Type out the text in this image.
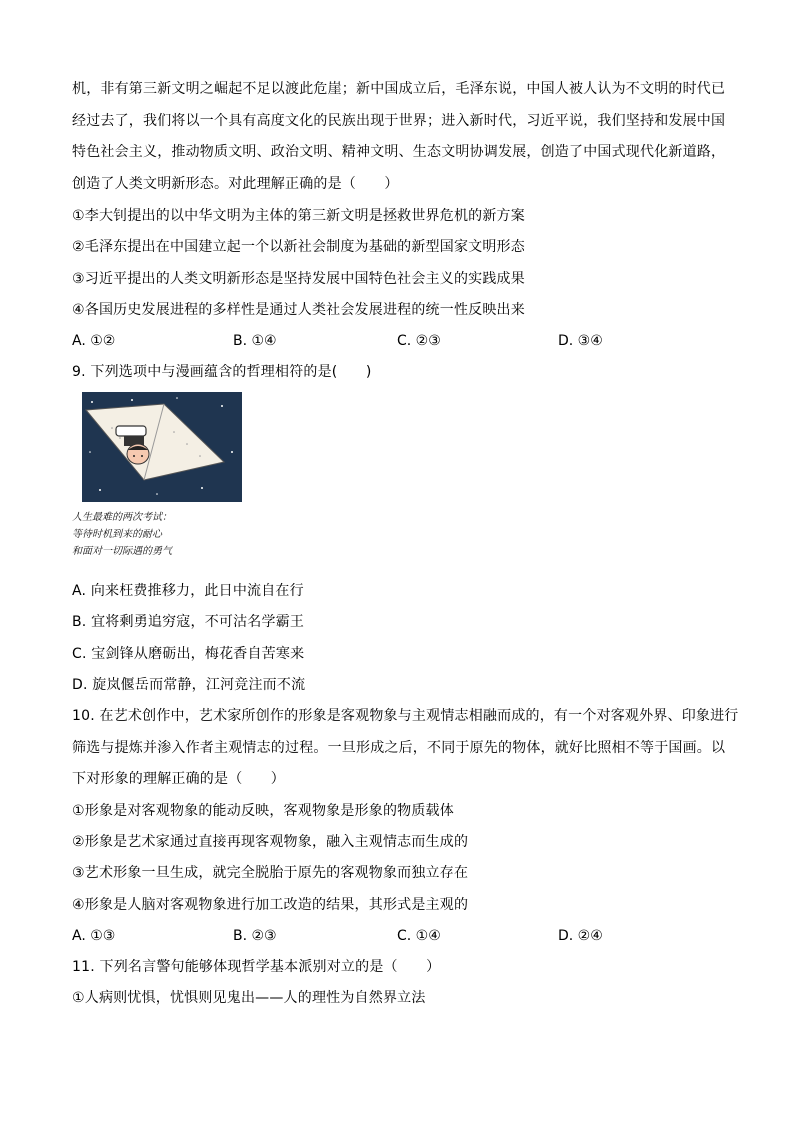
机，非有第三新文明之崛起不足以渡此危崖；新中国成立后，毛泽东说，中国人被人认为不文明的时代已
经过去了，我们将以一个具有高度文化的民族出现于世界；进入新时代，习近平说，我们坚持和发展中国
特色社会主义，推动物质文明、政治文明、精神文明、生态文明协调发展，创造了中国式现代化新道路，
创造了人类文明新形态。对此理解正确的是（　　）
①李大钊提出的以中华文明为主体的第三新文明是拯救世界危机的新方案
②毛泽东提出在中国建立起一个以新社会制度为基础的新型国家文明形态
③习近平提出的人类文明新形态是坚持发展中国特色社会主义的实践成果
④各国历史发展进程的多样性是通过人类社会发展进程的统一性反映出来
A. ①②	B. ①④	C. ②③	D. ③④
9. 下列选项中与漫画蕴含的哲理相符的是(　　)
人生最难的两次考试：
等待时机到来的耐心
和面对一切际遇的勇气
A. 向来枉费推移力，此日中流自在行
B. 宜将剩勇追穷寇，不可沽名学霸王
C. 宝剑锋从磨砺出，梅花香自苦寒来
D. 旋岚偃岳而常静，江河竞注而不流
10. 在艺术创作中，艺术家所创作的形象是客观物象与主观情志相融而成的，有一个对客观外界、印象进行
筛选与提炼并渗入作者主观情志的过程。一旦形成之后，不同于原先的物体，就好比照相不等于国画。以
下对形象的理解正确的是（　　）
①形象是对客观物象的能动反映，客观物象是形象的物质载体
②形象是艺术家通过直接再现客观物象，融入主观情志而生成的
③艺术形象一旦生成，就完全脱胎于原先的客观物象而独立存在
④形象是人脑对客观物象进行加工改造的结果，其形式是主观的
A. ①③	B. ②③	C. ①④	D. ②④
11. 下列名言警句能够体现哲学基本派别对立的是（　　）
①人病则忧惧，忧惧则见鬼出——人的理性为自然界立法
